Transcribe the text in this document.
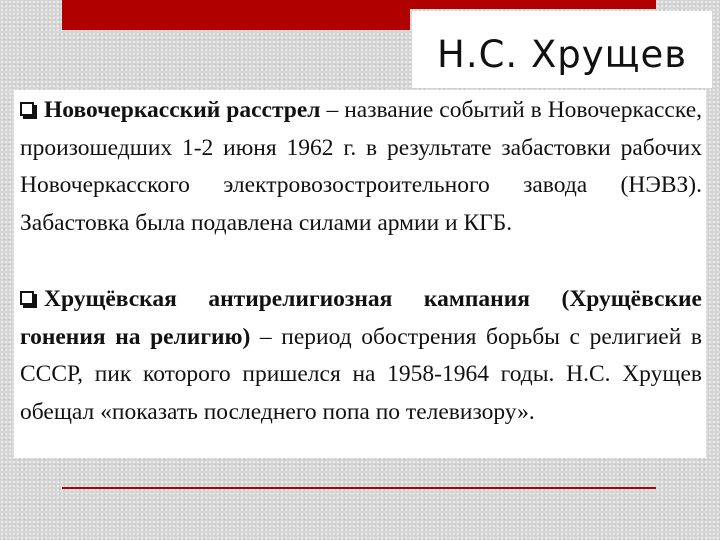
Н.С. Хрущев

Новочеркасский расстрел – название событий в Новочеркасске, произошедших 1-2 июня 1962 г. в результате забастовки рабочих Новочеркасского электровозостроительного завода (НЭВЗ). Забастовка была подавлена силами армии и КГБ.

Хрущёвская антирелигиозная кампания (Хрущёвские гонения на религию) – период обострения борьбы с религией в СССР, пик которого пришелся на 1958-1964 годы. Н.С. Хрущев обещал «показать последнего попа по телевизору».
